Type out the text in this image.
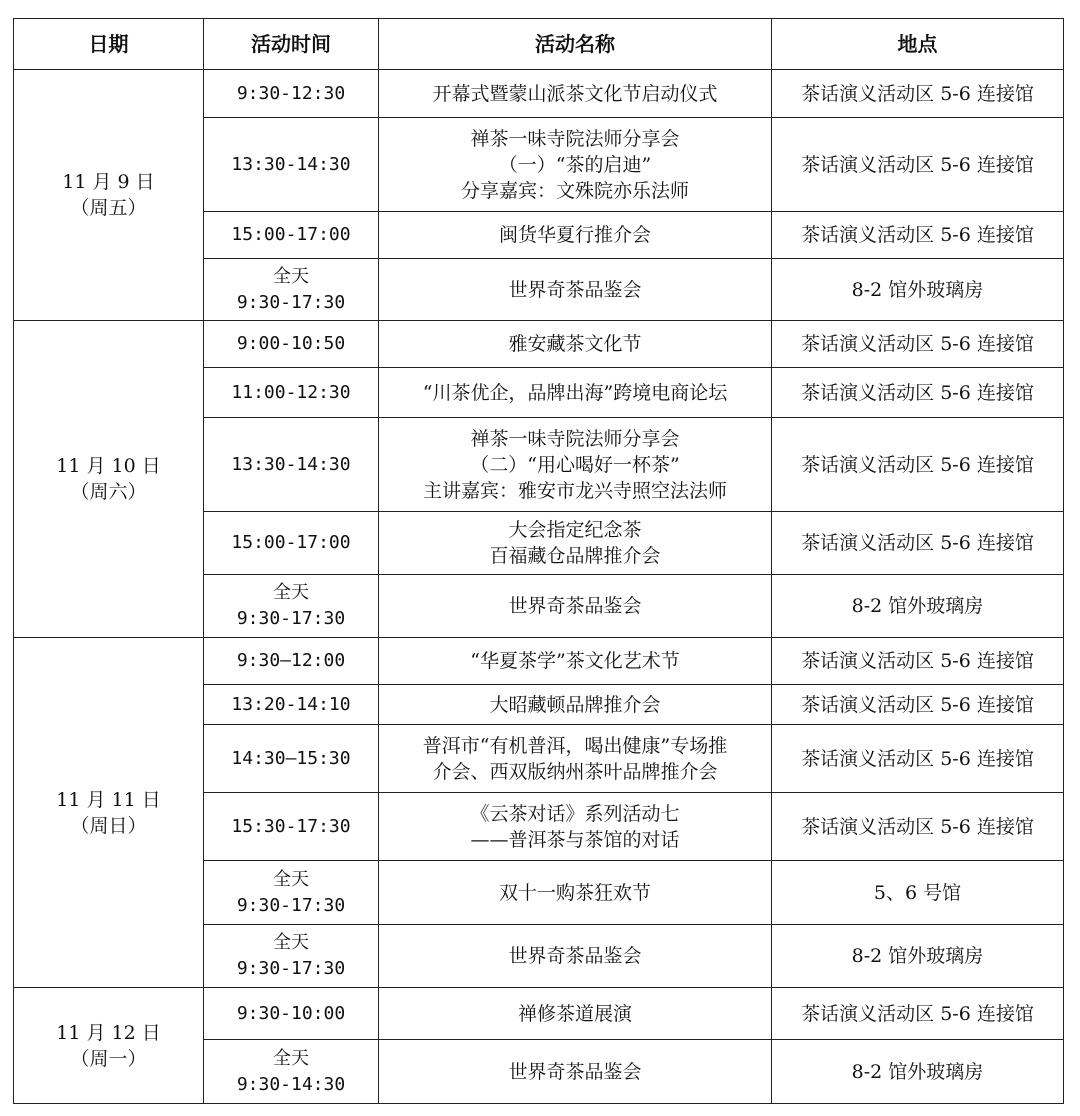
日期	活动时间	活动名称	地点

11 月 9 日
（周五）	9:30-12:30	开幕式暨蒙山派茶文化节启动仪式	茶话演义活动区 5-6 连接馆

	13:30-14:30	禅茶一味寺院法师分享会
（一）“茶的启迪”
分享嘉宾：文殊院亦乐法师	茶话演义活动区 5-6 连接馆

	15:00-17:00	闽货华夏行推介会	茶话演义活动区 5-6 连接馆

	全天
9:30-17:30	世界奇茶品鉴会	8-2 馆外玻璃房

11 月 10 日
（周六）	9:00-10:50	雅安藏茶文化节	茶话演义活动区 5-6 连接馆

	11:00-12:30	“川茶优企，品牌出海”跨境电商论坛	茶话演义活动区 5-6 连接馆

	13:30-14:30	禅茶一味寺院法师分享会
（二）“用心喝好一杯茶”
主讲嘉宾：雅安市龙兴寺照空法法师	茶话演义活动区 5-6 连接馆

	15:00-17:00	大会指定纪念茶
百福藏仓品牌推介会	茶话演义活动区 5-6 连接馆

	全天
9:30-17:30	世界奇茶品鉴会	8-2 馆外玻璃房

11 月 11 日
（周日）	9:30—12:00	“华夏茶学”茶文化艺术节	茶话演义活动区 5-6 连接馆

	13:20-14:10	大昭藏顿品牌推介会	茶话演义活动区 5-6 连接馆

	14:30—15:30	普洱市“有机普洱，喝出健康”专场推
介会、西双版纳州茶叶品牌推介会	茶话演义活动区 5-6 连接馆

	15:30-17:30	《云茶对话》系列活动七
——普洱茶与茶馆的对话	茶话演义活动区 5-6 连接馆

	全天
9:30-17:30	双十一购茶狂欢节	5、6 号馆

	全天
9:30-17:30	世界奇茶品鉴会	8-2 馆外玻璃房

11 月 12 日
（周一）	9:30-10:00	禅修茶道展演	茶话演义活动区 5-6 连接馆

	全天
9:30-14:30	世界奇茶品鉴会	8-2 馆外玻璃房
